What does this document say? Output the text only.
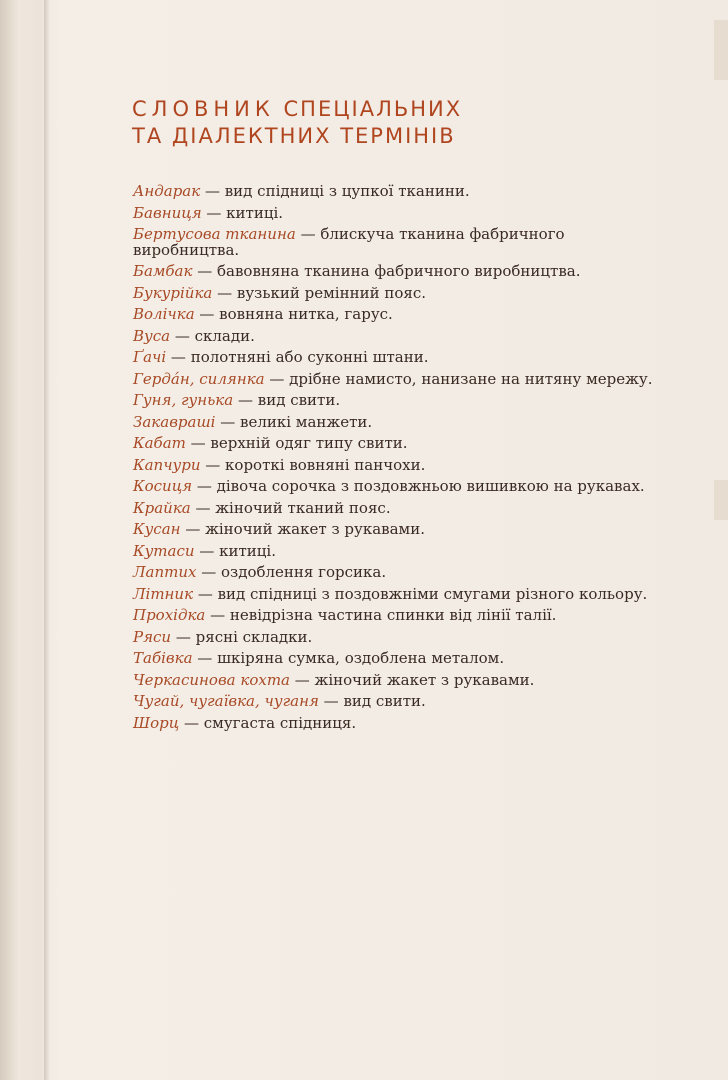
СЛОВНИК СПЕЦІАЛЬНИХ
ТА ДІАЛЕКТНИХ ТЕРМІНІВ
Андарак — вид спідниці з цупкої тканини.
Бавниця — китиці.
Бертусова тканина — блискуча тканина фабричного виробництва.
Бамбак — бавовняна тканина фабричного виробництва.
Букурійка — вузький ремінний пояс.
Волічка — вовняна нитка, гарус.
Вуса — склади.
Ґачі — полотняні або суконні штани.
Гердáн, силянка — дрібне намисто, нанизане на нитяну мережу.
Гуня, гунька — вид свити.
Закавраші — великі манжети.
Кабат — верхній одяг типу свити.
Капчури — короткі вовняні панчохи.
Косиця — дівоча сорочка з поздовжньою вишивкою на рукавах.
Крайка — жіночий тканий пояс.
Кусан — жіночий жакет з рукавами.
Кутаси — китиці.
Лаптих — оздоблення горсика.
Літник — вид спідниці з поздовжніми смугами різного кольору.
Прохідка — невідрізна частина спинки від лінії талії.
Ряси — рясні складки.
Табівка — шкіряна сумка, оздоблена металом.
Черкасинова кохта — жіночий жакет з рукавами.
Чугай, чугаївка, чуганя — вид свити.
Шорц — смугаста спідниця.
